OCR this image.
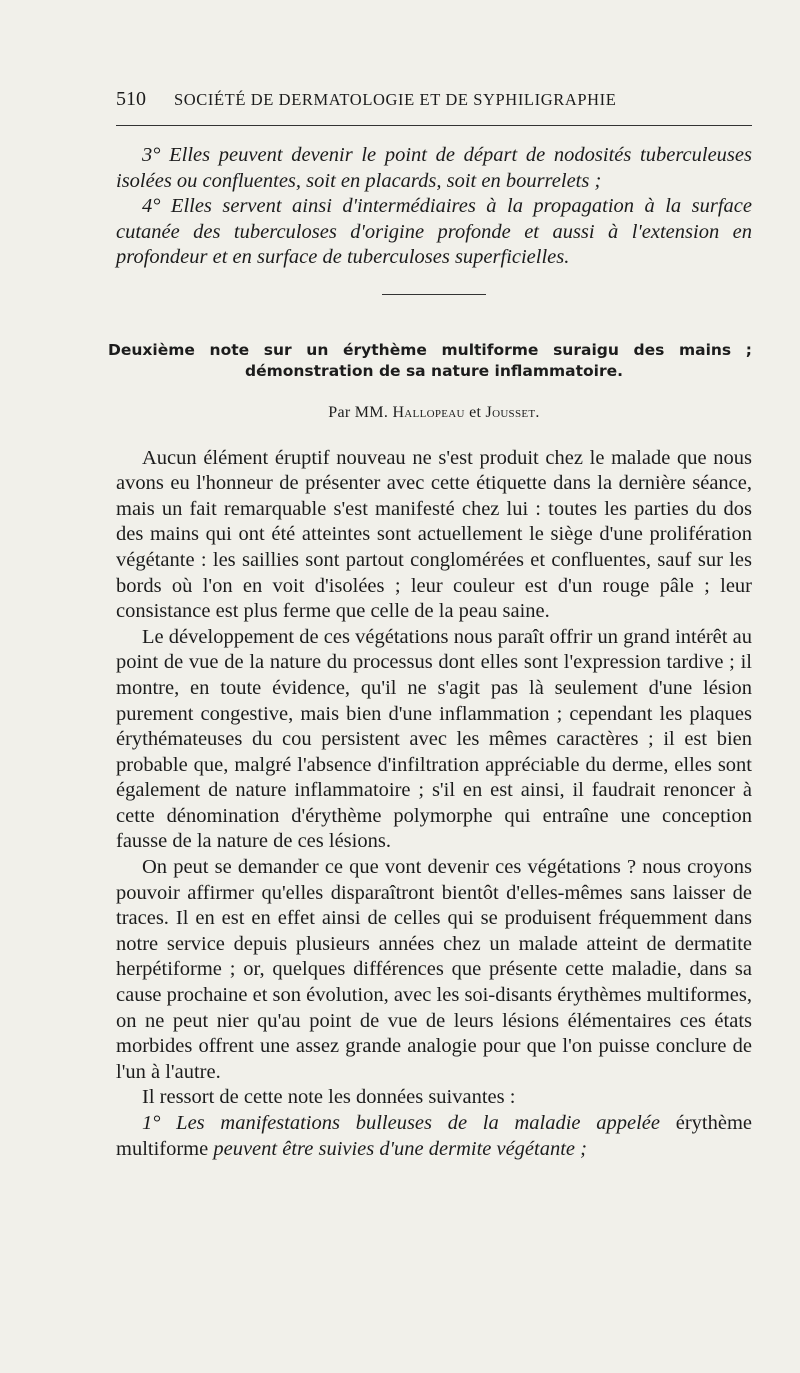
510	SOCIÉTÉ DE DERMATOLOGIE ET DE SYPHILIGRAPHIE

3° Elles peuvent devenir le point de départ de nodosités tuberculeuses isolées ou confluentes, soit en placards, soit en bourrelets ;

4° Elles servent ainsi d'intermédiaires à la propagation à la surface cutanée des tuberculoses d'origine profonde et aussi à l'extension en profondeur et en surface de tuberculoses superficielles.

Deuxième note sur un érythème multiforme suraigu des mains ;
démonstration de sa nature inflammatoire.
Par MM. Hallopeau et Jousset.

Aucun élément éruptif nouveau ne s'est produit chez le malade que nous avons eu l'honneur de présenter avec cette étiquette dans la dernière séance, mais un fait remarquable s'est manifesté chez lui : toutes les parties du dos des mains qui ont été atteintes sont actuellement le siège d'une prolifération végétante : les saillies sont partout conglomérées et confluentes, sauf sur les bords où l'on en voit d'isolées ; leur couleur est d'un rouge pâle ; leur consistance est plus ferme que celle de la peau saine.

Le développement de ces végétations nous paraît offrir un grand intérêt au point de vue de la nature du processus dont elles sont l'expression tardive ; il montre, en toute évidence, qu'il ne s'agit pas là seulement d'une lésion purement congestive, mais bien d'une inflammation ; cependant les plaques érythémateuses du cou persistent avec les mêmes caractères ; il est bien probable que, malgré l'absence d'infiltration appréciable du derme, elles sont également de nature inflammatoire ; s'il en est ainsi, il faudrait renoncer à cette dénomination d'érythème polymorphe qui entraîne une conception fausse de la nature de ces lésions.

On peut se demander ce que vont devenir ces végétations ? nous croyons pouvoir affirmer qu'elles disparaîtront bientôt d'elles-mêmes sans laisser de traces. Il en est en effet ainsi de celles qui se produisent fréquemment dans notre service depuis plusieurs années chez un malade atteint de dermatite herpétiforme ; or, quelques différences que présente cette maladie, dans sa cause prochaine et son évolution, avec les soi-disants érythèmes multiformes, on ne peut nier qu'au point de vue de leurs lésions élémentaires ces états morbides offrent une assez grande analogie pour que l'on puisse conclure de l'un à l'autre.

Il ressort de cette note les données suivantes :

1° Les manifestations bulleuses de la maladie appelée érythème multiforme peuvent être suivies d'une dermite végétante ;
